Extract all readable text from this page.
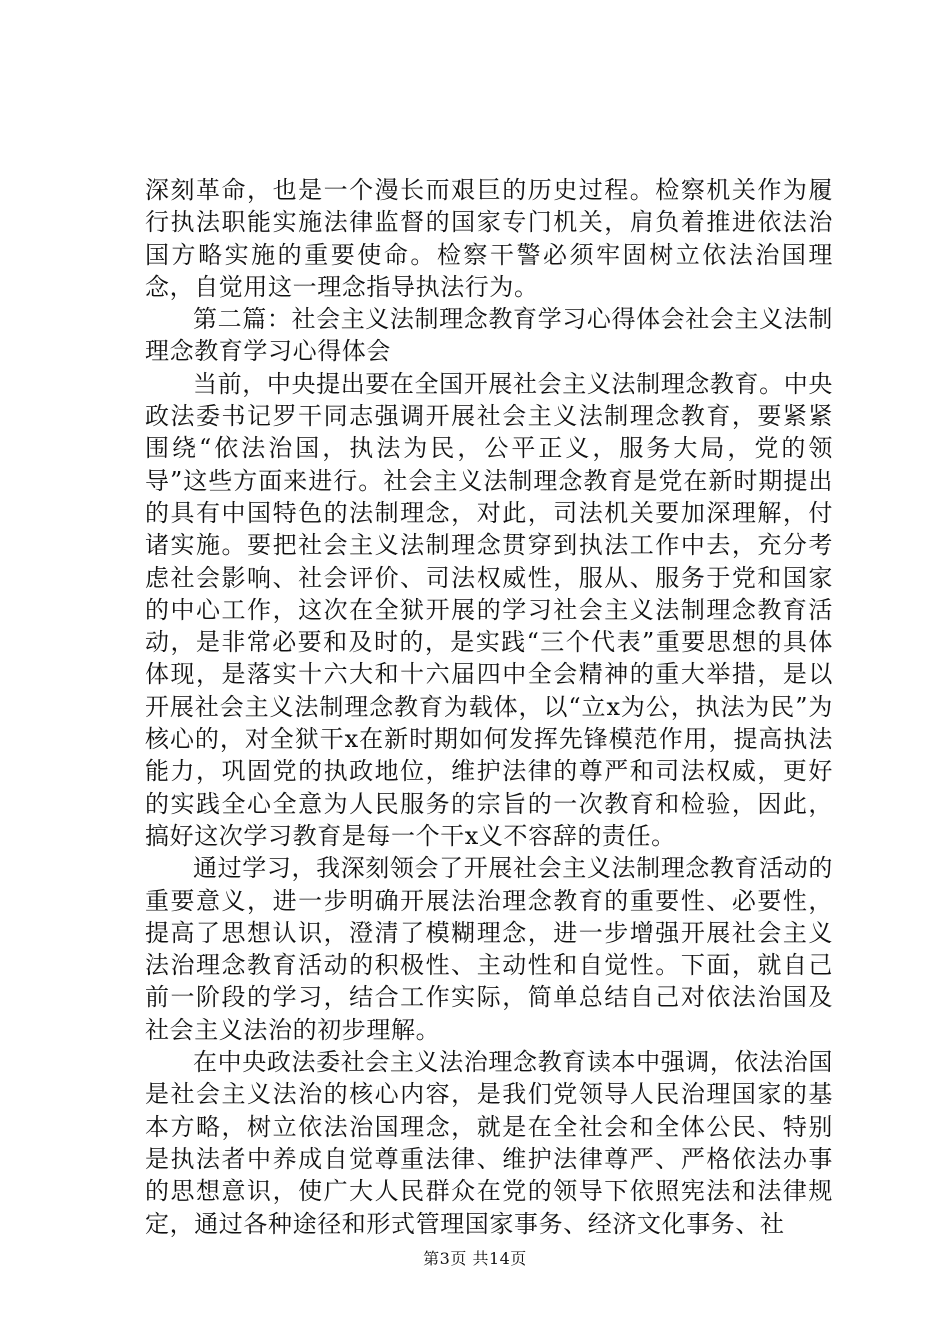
深刻革命，也是一个漫长而艰巨的历史过程。检察机关作为履行执法职能实施法律监督的国家专门机关，肩负着推进依法治国方略实施的重要使命。检察干警必须牢固树立依法治国理念，自觉用这一理念指导执法行为。

第二篇：社会主义法制理念教育学习心得体会社会主义法制理念教育学习心得体会

当前，中央提出要在全国开展社会主义法制理念教育。中央政法委书记罗干同志强调开展社会主义法制理念教育，要紧紧围绕“依法治国，执法为民，公平正义，服务大局，党的领导”这些方面来进行。社会主义法制理念教育是党在新时期提出的具有中国特色的法制理念，对此，司法机关要加深理解，付诸实施。要把社会主义法制理念贯穿到执法工作中去，充分考虑社会影响、社会评价、司法权威性，服从、服务于党和国家的中心工作，这次在全狱开展的学习社会主义法制理念教育活动，是非常必要和及时的，是实践“三个代表”重要思想的具体体现，是落实十六大和十六届四中全会精神的重大举措，是以开展社会主义法制理念教育为载体，以“立x为公，执法为民”为核心的，对全狱干x在新时期如何发挥先锋模范作用，提高执法能力，巩固党的执政地位，维护法律的尊严和司法权威，更好的实践全心全意为人民服务的宗旨的一次教育和检验，因此，搞好这次学习教育是每一个干x义不容辞的责任。

通过学习，我深刻领会了开展社会主义法制理念教育活动的重要意义，进一步明确开展法治理念教育的重要性、必要性，提高了思想认识，澄清了模糊理念，进一步增强开展社会主义法治理念教育活动的积极性、主动性和自觉性。下面，就自己前一阶段的学习，结合工作实际，简单总结自己对依法治国及社会主义法治的初步理解。

在中央政法委社会主义法治理念教育读本中强调，依法治国是社会主义法治的核心内容，是我们党领导人民治理国家的基本方略，树立依法治国理念，就是在全社会和全体公民、特别是执法者中养成自觉尊重法律、维护法律尊严、严格依法办事的思想意识，使广大人民群众在党的领导下依照宪法和法律规定，通过各种途径和形式管理国家事务、经济文化事务、社

第3页 共14页
